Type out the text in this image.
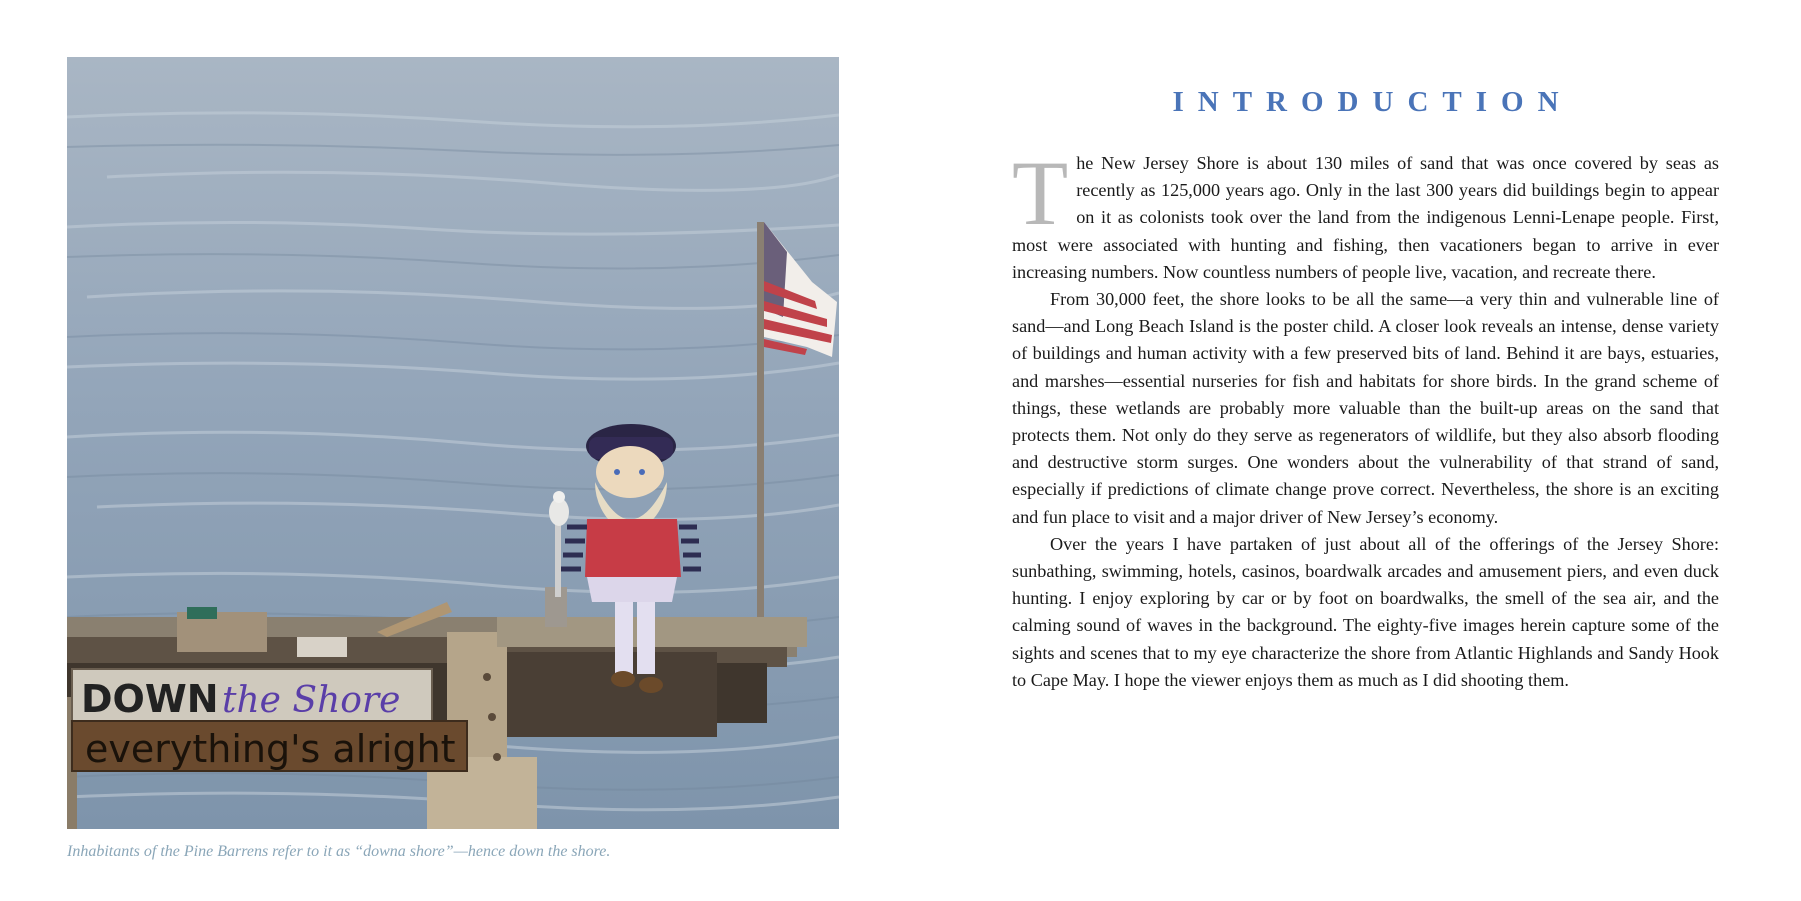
DOWN the Shore
everything's alright
Inhabitants of the Pine Barrens refer to it as “downa shore”—hence down the shore.
INTRODUCTION

The New Jersey Shore is about 130 miles of sand that was once covered by seas as recently as 125,000 years ago. Only in the last 300 years did buildings begin to appear on it as colonists took over the land from the indigenous Lenni-Lenape people. First, most were associated with hunting and fishing, then vacationers began to arrive in ever increasing numbers. Now countless numbers of people live, vacation, and recreate there.

From 30,000 feet, the shore looks to be all the same—a very thin and vulnerable line of sand—and Long Beach Island is the poster child. A closer look reveals an intense, dense variety of buildings and human activity with a few preserved bits of land. Behind it are bays, estuaries, and marshes—essential nurseries for fish and habitats for shore birds. In the grand scheme of things, these wetlands are probably more valuable than the built-up areas on the sand that protects them. Not only do they serve as regenerators of wildlife, but they also absorb flooding and destructive storm surges. One wonders about the vulnerability of that strand of sand, especially if predictions of climate change prove correct. Nevertheless, the shore is an exciting and fun place to visit and a major driver of New Jersey’s economy.

Over the years I have partaken of just about all of the offerings of the Jersey Shore: sunbathing, swimming, hotels, casinos, boardwalk arcades and amusement piers, and even duck hunting. I enjoy exploring by car or by foot on boardwalks, the smell of the sea air, and the calming sound of waves in the background. The eighty-five images herein capture some of the sights and scenes that to my eye characterize the shore from Atlantic Highlands and Sandy Hook to Cape May. I hope the viewer enjoys them as much as I did shooting them.
